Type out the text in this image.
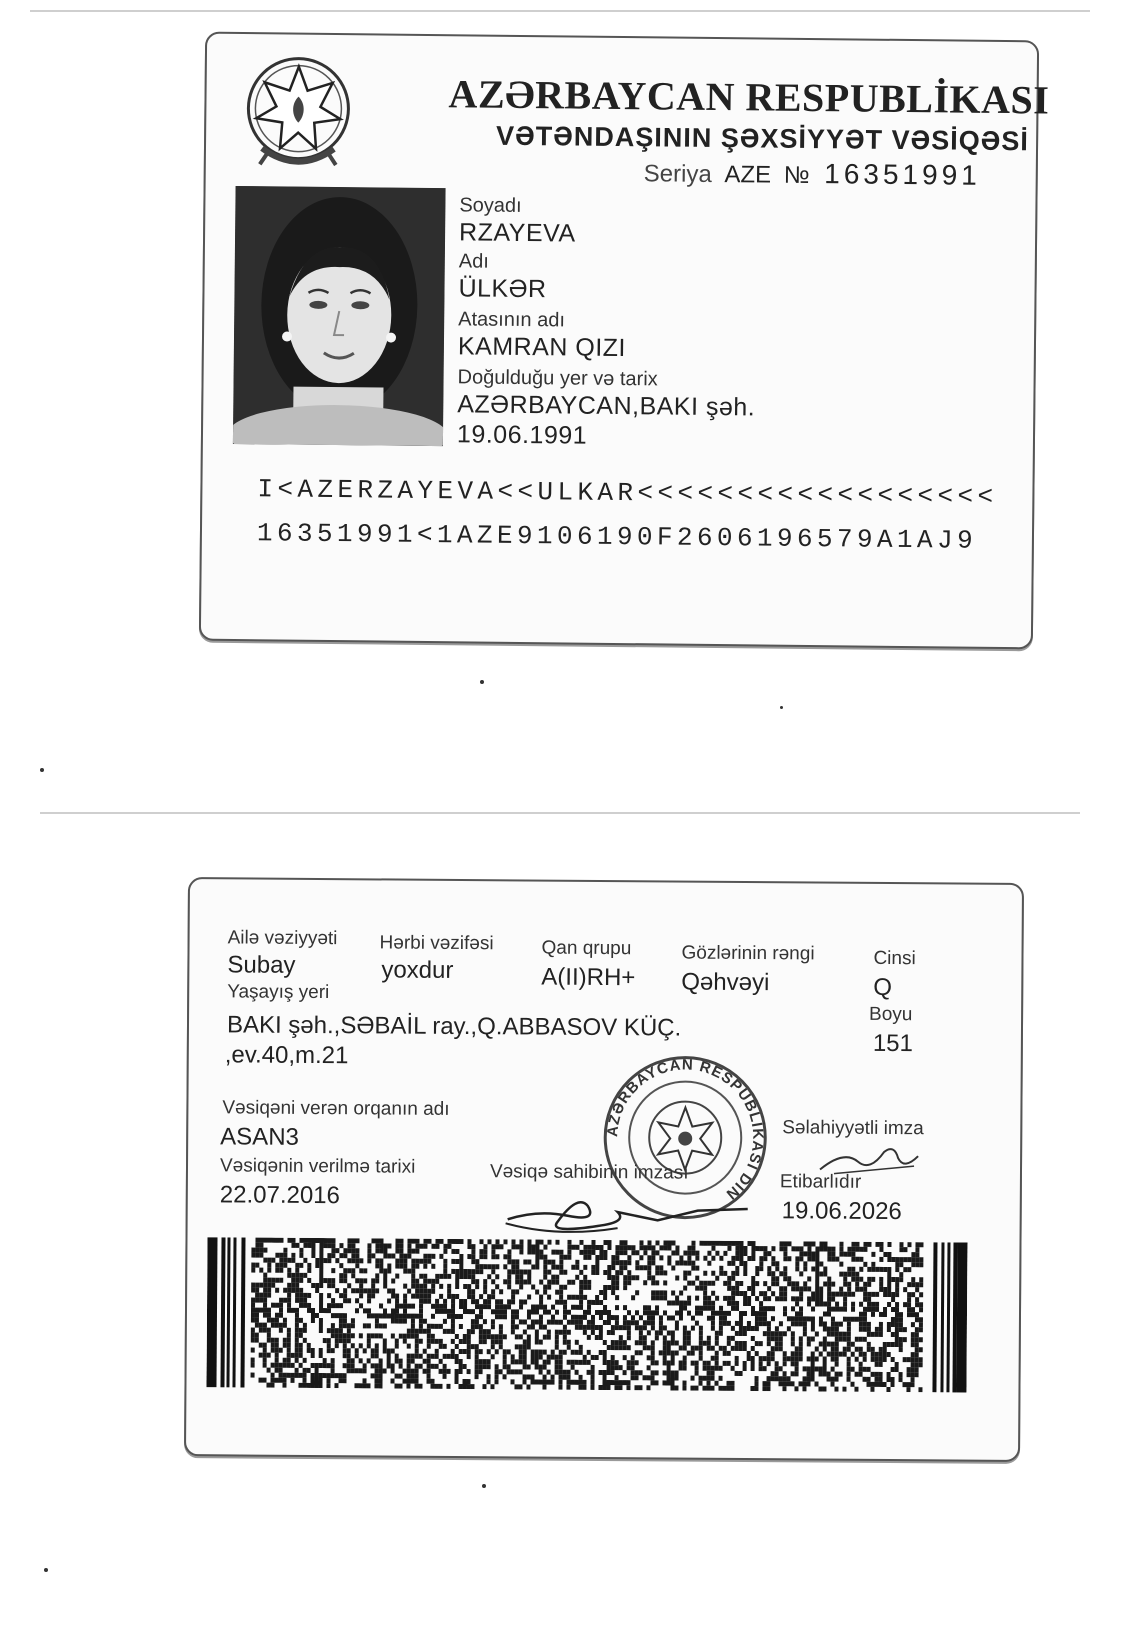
AZƏRBAYCAN RESPUBLİKASI
VƏTƏNDAŞININ ŞƏXSİYYƏT VƏSİQƏSİ
Seriya AZE № 16351991
Soyadı
RZAYEVA
Adı
ÜLKƏR
Atasının adı
KAMRAN QIZI
Doğulduğu yer və tarix
AZƏRBAYCAN,BAKI şəh.
19.06.1991
I<AZERZAYEVA<<ULKAR<<<<<<<<<<<<<<<<<<
16351991<1AZE9106190F2606196579A1AJ9
Ailə vəziyyəti
Subay
Hərbi vəzifəsi
yoxdur
Qan qrupu
A(II)RH+
Gözlərinin rəngi
Qəhvəyi
Cinsi
Q
Boyu
151
Yaşayış yeri
BAKI şəh.,SƏBAİL ray.,Q.ABBASOV KÜÇ.
,ev.40,m.21
AZƏRBAYCAN RESPUBLİKASI DİN
Vəsiqəni verən orqanın adı
ASAN3
Vəsiqənin verilmə tarixi
22.07.2016
Vəsiqə sahibinin imzası
Səlahiyyətli imza
Etibarlıdır
19.06.2026
